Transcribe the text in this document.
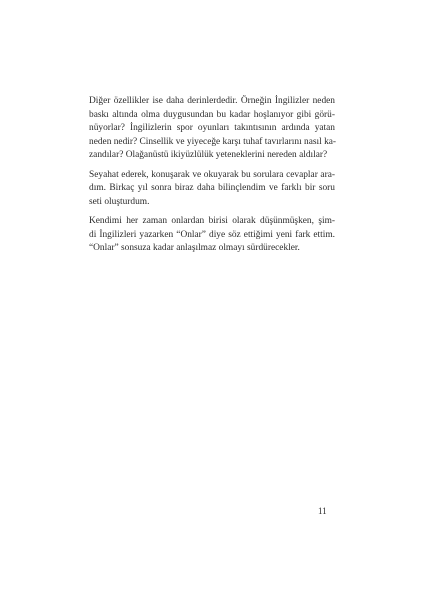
Diğer özellikler ise daha derinlerdedir. Örneğin İngilizler neden
baskı altında olma duygusundan bu kadar hoşlanıyor gibi görü-
nüyorlar? İngilizlerin spor oyunları takıntısının ardında yatan
neden nedir? Cinsellik ve yiyeceğe karşı tuhaf tavırlarını nasıl ka-
zandılar? Olağanüstü ikiyüzlülük yeteneklerini nereden aldılar?

Seyahat ederek, konuşarak ve okuyarak bu sorulara cevaplar ara-
dım. Birkaç yıl sonra biraz daha bilinçlendim ve farklı bir soru
seti oluşturdum.

Kendimi her zaman onlardan birisi olarak düşünmüşken, şim-
di İngilizleri yazarken “Onlar” diye söz ettiğimi yeni fark ettim.
“Onlar” sonsuza kadar anlaşılmaz olmayı sürdürecekler.

11
